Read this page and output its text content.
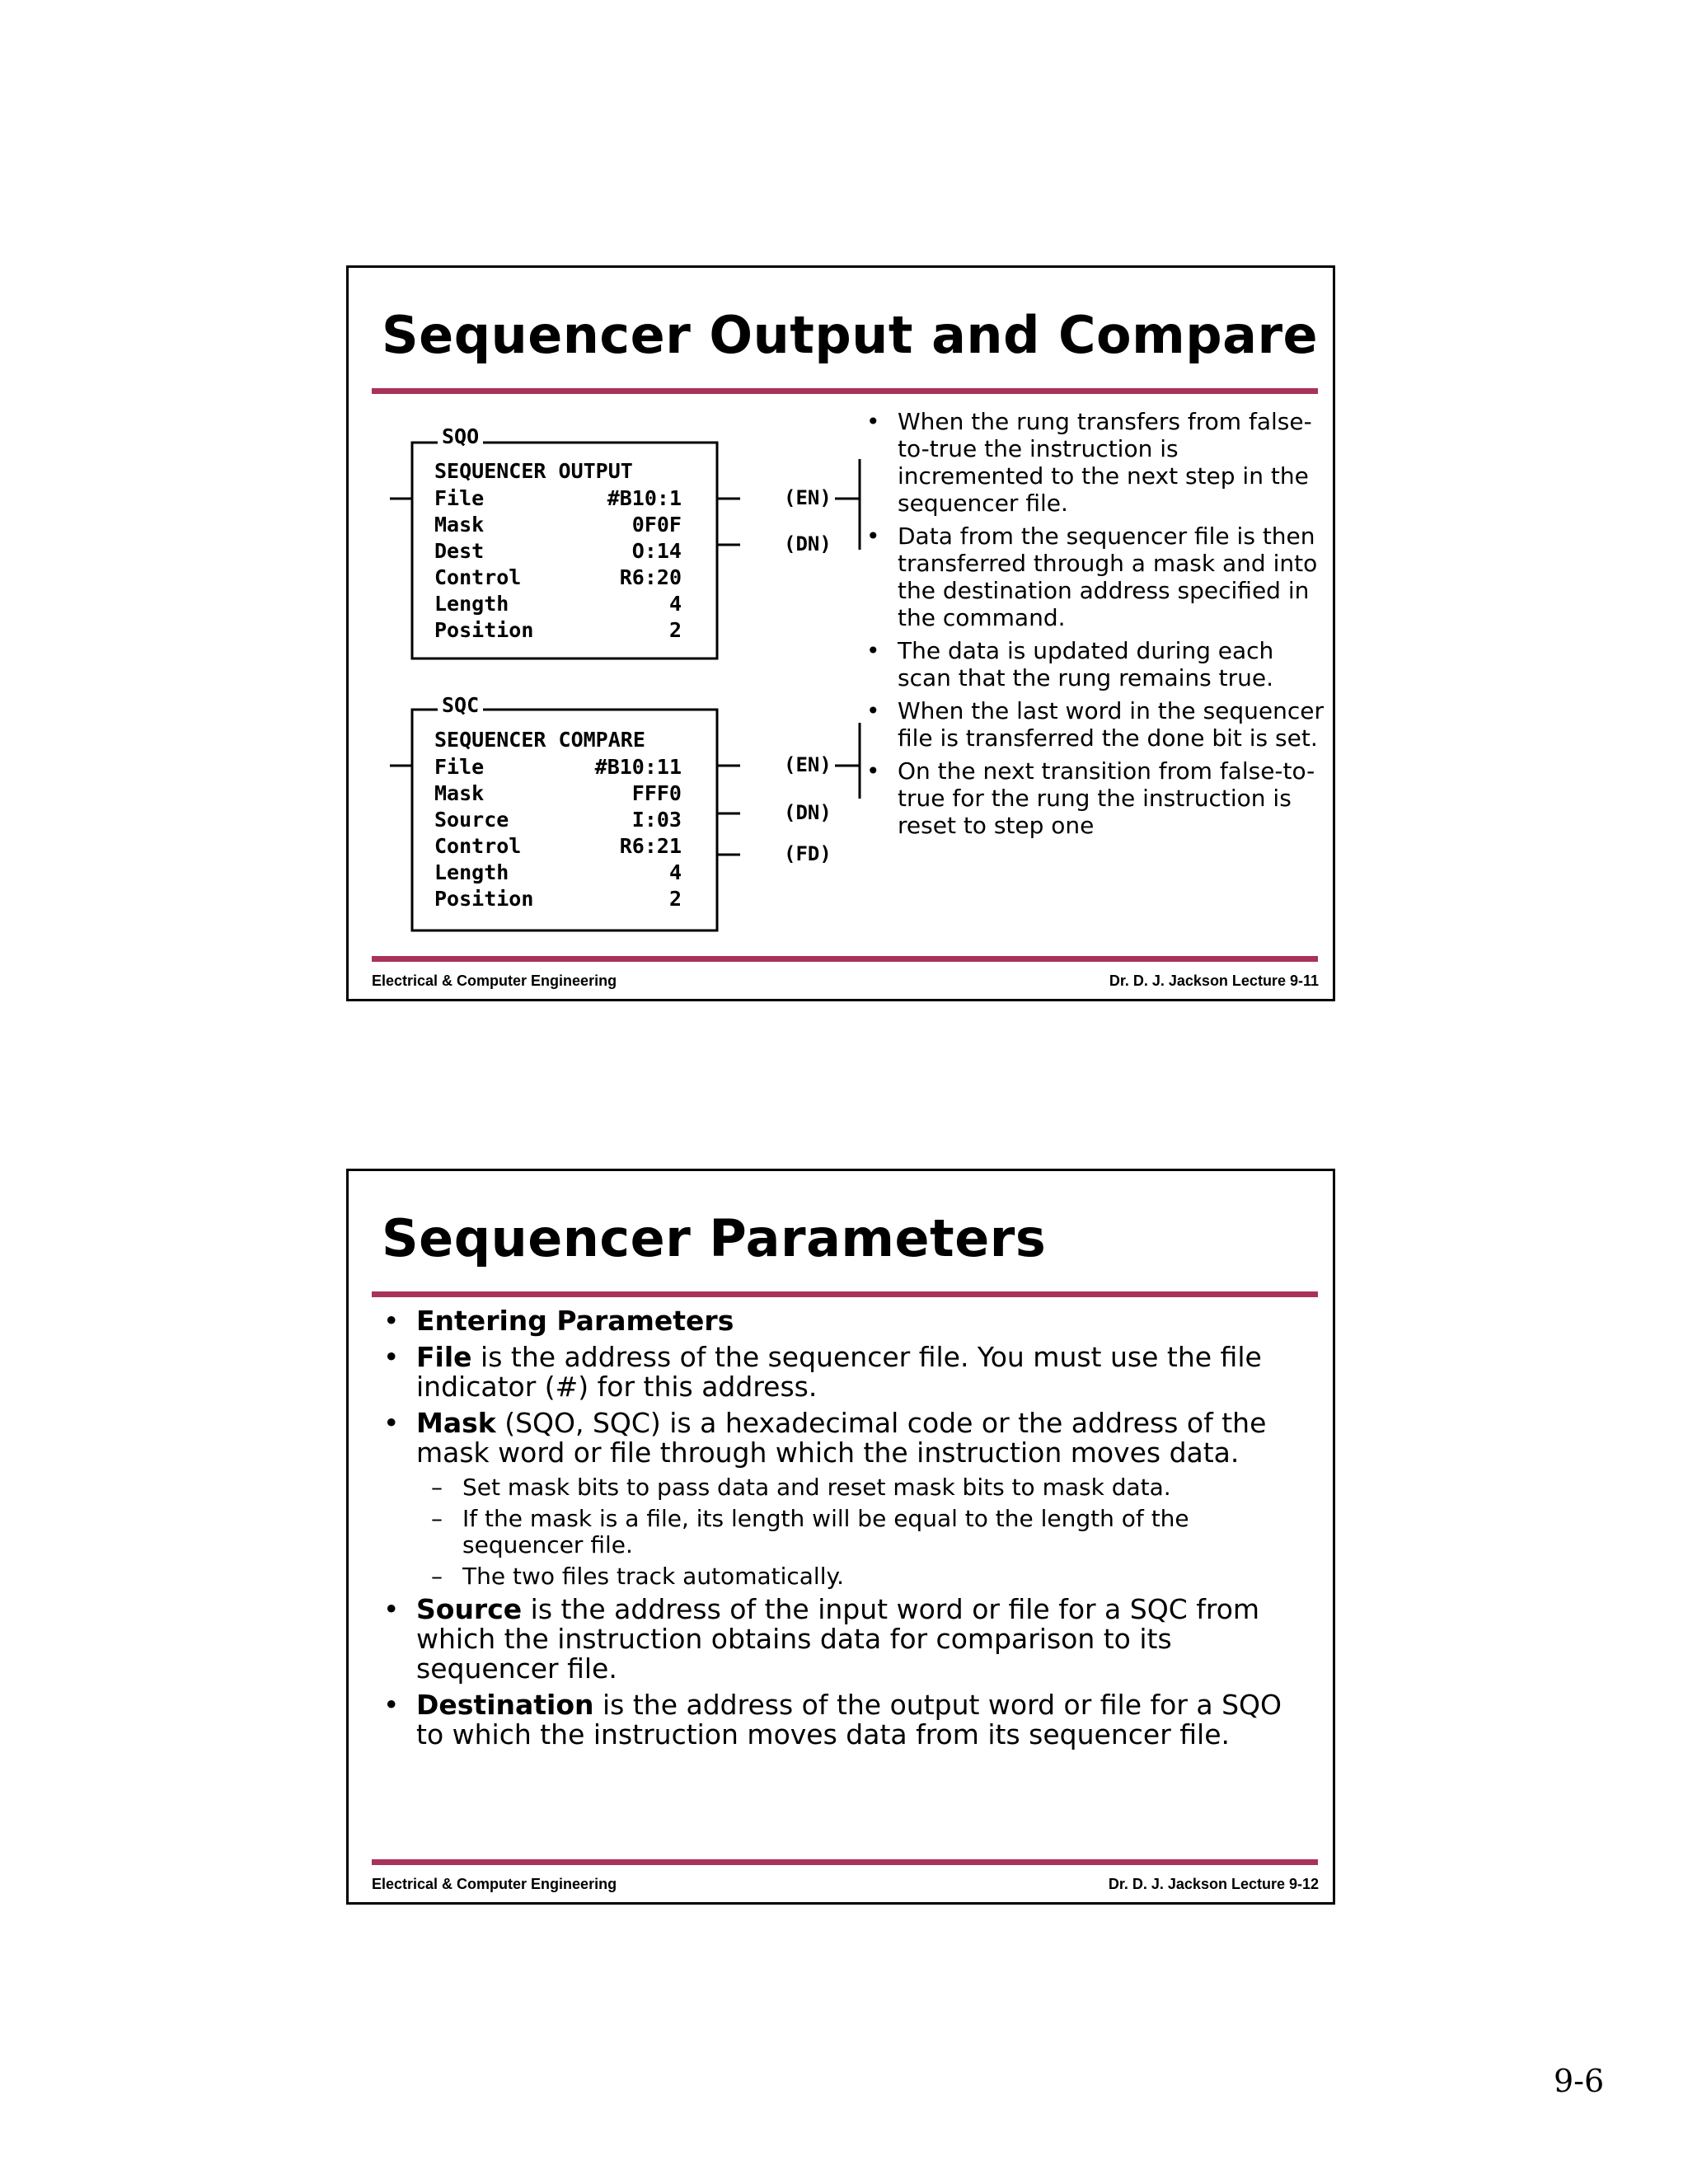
Sequencer Output and Compare
SQO
SEQUENCER OUTPUT
File	#B10:1
Mask	0F0F
Dest	O:14
Control	R6:20
Length	4
Position	2
(EN)
(DN)
SQC
SEQUENCER COMPARE
File	#B10:11
Mask	FFF0
Source	I:03
Control	R6:21
Length	4
Position	2
(EN)
(DN)
(FD)
• When the rung transfers from false-to-true the instruction is incremented to the next step in the sequencer file.
• Data from the sequencer file is then transferred through a mask and into the destination address specified in the command.
• The data is updated during each scan that the rung remains true.
• When the last word in the sequencer file is transferred the done bit is set.
• On the next transition from false-to-true for the rung the instruction is reset to step one
Electrical & Computer Engineering	Dr. D. J. Jackson Lecture 9-11
Sequencer Parameters
• Entering Parameters
• File is the address of the sequencer file. You must use the file indicator (#) for this address.
• Mask (SQO, SQC) is a hexadecimal code or the address of the mask word or file through which the instruction moves data.
– Set mask bits to pass data and reset mask bits to mask data.
– If the mask is a file, its length will be equal to the length of the sequencer file.
– The two files track automatically.
• Source is the address of the input word or file for a SQC from which the instruction obtains data for comparison to its sequencer file.
• Destination is the address of the output word or file for a SQO to which the instruction moves data from its sequencer file.
Electrical & Computer Engineering	Dr. D. J. Jackson Lecture 9-12
9-6
